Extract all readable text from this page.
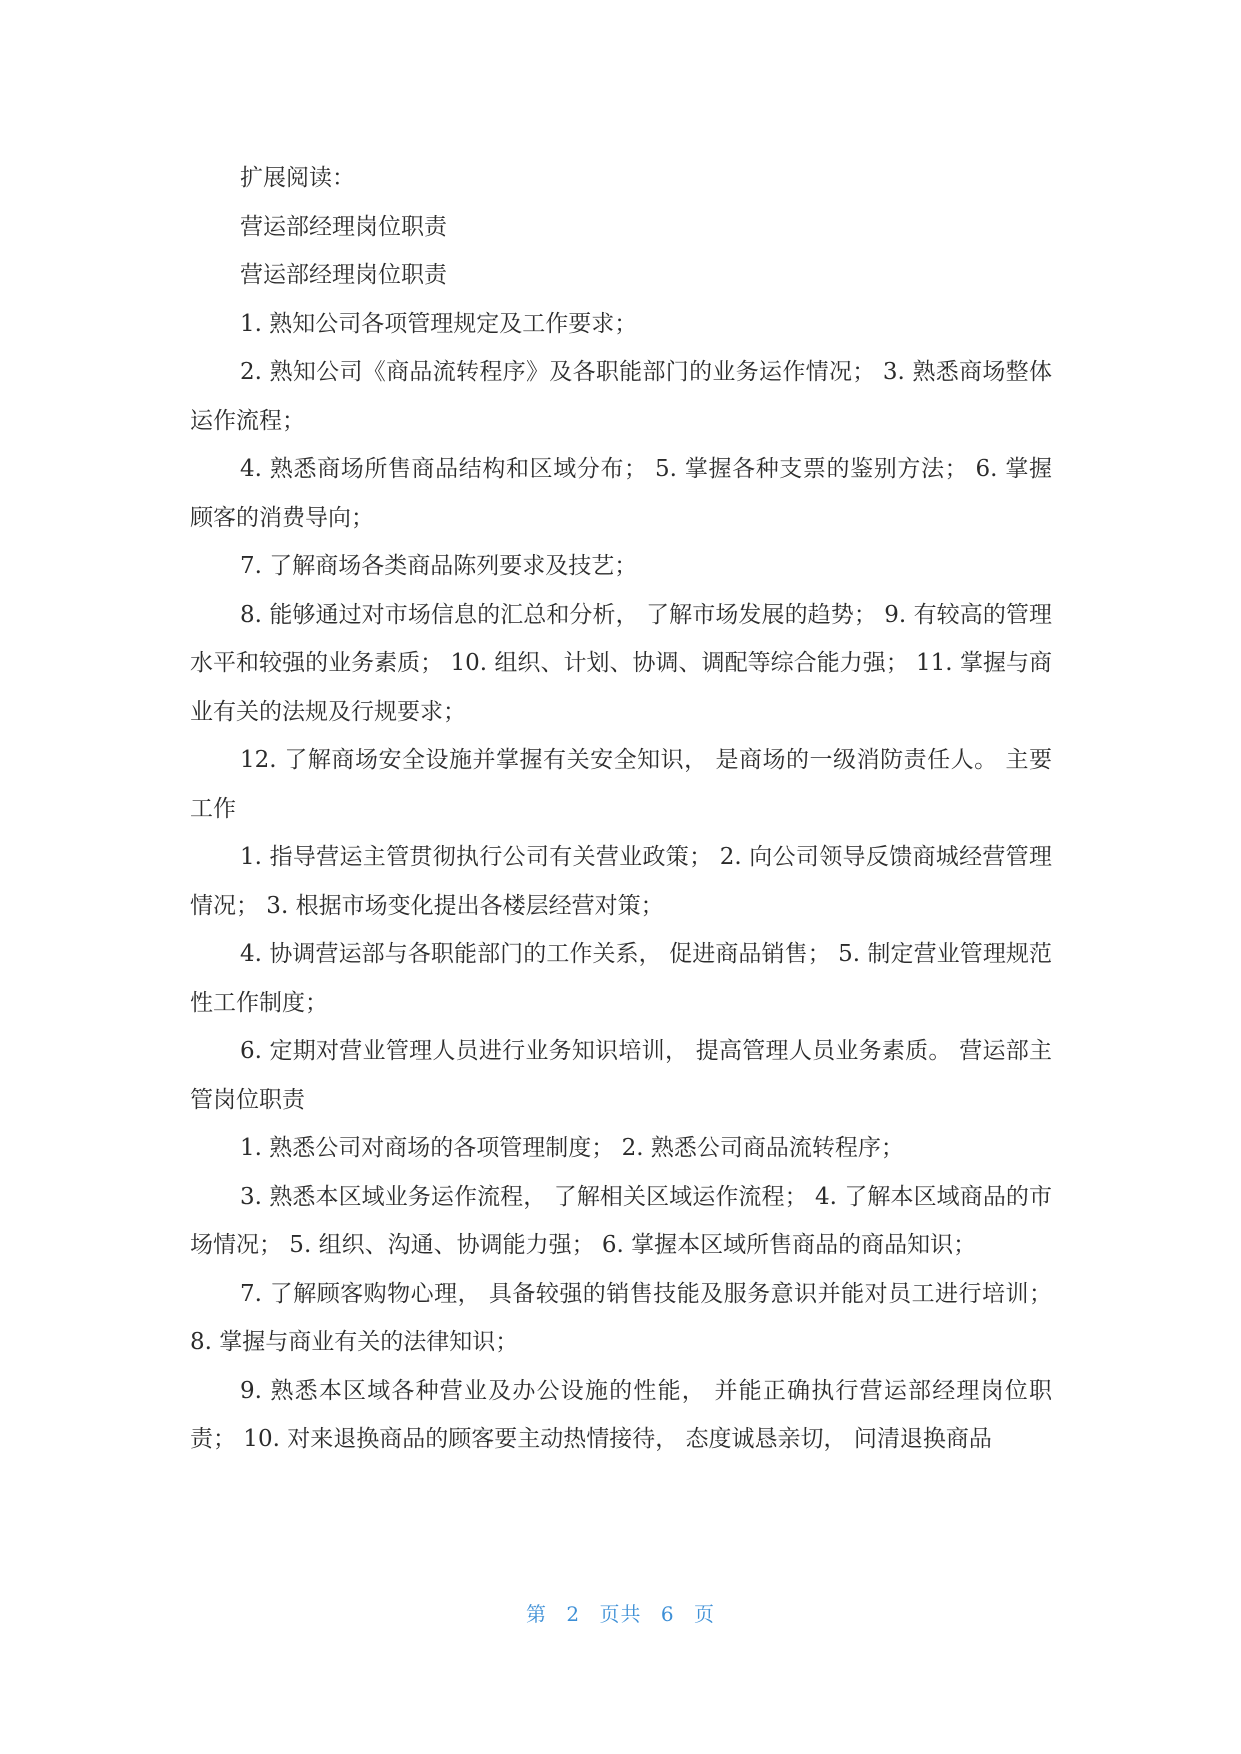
扩展阅读：

营运部经理岗位职责

营运部经理岗位职责

1. 熟知公司各项管理规定及工作要求；

2. 熟知公司《商品流转程序》及各职能部门的业务运作情况； 3. 熟悉商场整体运作流程；

4. 熟悉商场所售商品结构和区域分布； 5. 掌握各种支票的鉴别方法； 6. 掌握顾客的消费导向；

7. 了解商场各类商品陈列要求及技艺；

8. 能够通过对市场信息的汇总和分析， 了解市场发展的趋势； 9. 有较高的管理水平和较强的业务素质； 10. 组织、计划、协调、调配等综合能力强； 11. 掌握与商业有关的法规及行规要求；

12. 了解商场安全设施并掌握有关安全知识， 是商场的一级消防责任人。 主要工作

1. 指导营运主管贯彻执行公司有关营业政策； 2. 向公司领导反馈商城经营管理情况； 3. 根据市场变化提出各楼层经营对策；

4. 协调营运部与各职能部门的工作关系， 促进商品销售； 5. 制定营业管理规范性工作制度；

6. 定期对营业管理人员进行业务知识培训， 提高管理人员业务素质。 营运部主管岗位职责

1. 熟悉公司对商场的各项管理制度； 2. 熟悉公司商品流转程序；

3. 熟悉本区域业务运作流程， 了解相关区域运作流程； 4. 了解本区域商品的市场情况； 5. 组织、沟通、协调能力强； 6. 掌握本区域所售商品的商品知识；

7. 了解顾客购物心理， 具备较强的销售技能及服务意识并能对员工进行培训； 8. 掌握与商业有关的法律知识；

9. 熟悉本区域各种营业及办公设施的性能， 并能正确执行营运部经理岗位职责； 10. 对来退换商品的顾客要主动热情接待， 态度诚恳亲切， 问清退换商品

第 2 页共 6 页
